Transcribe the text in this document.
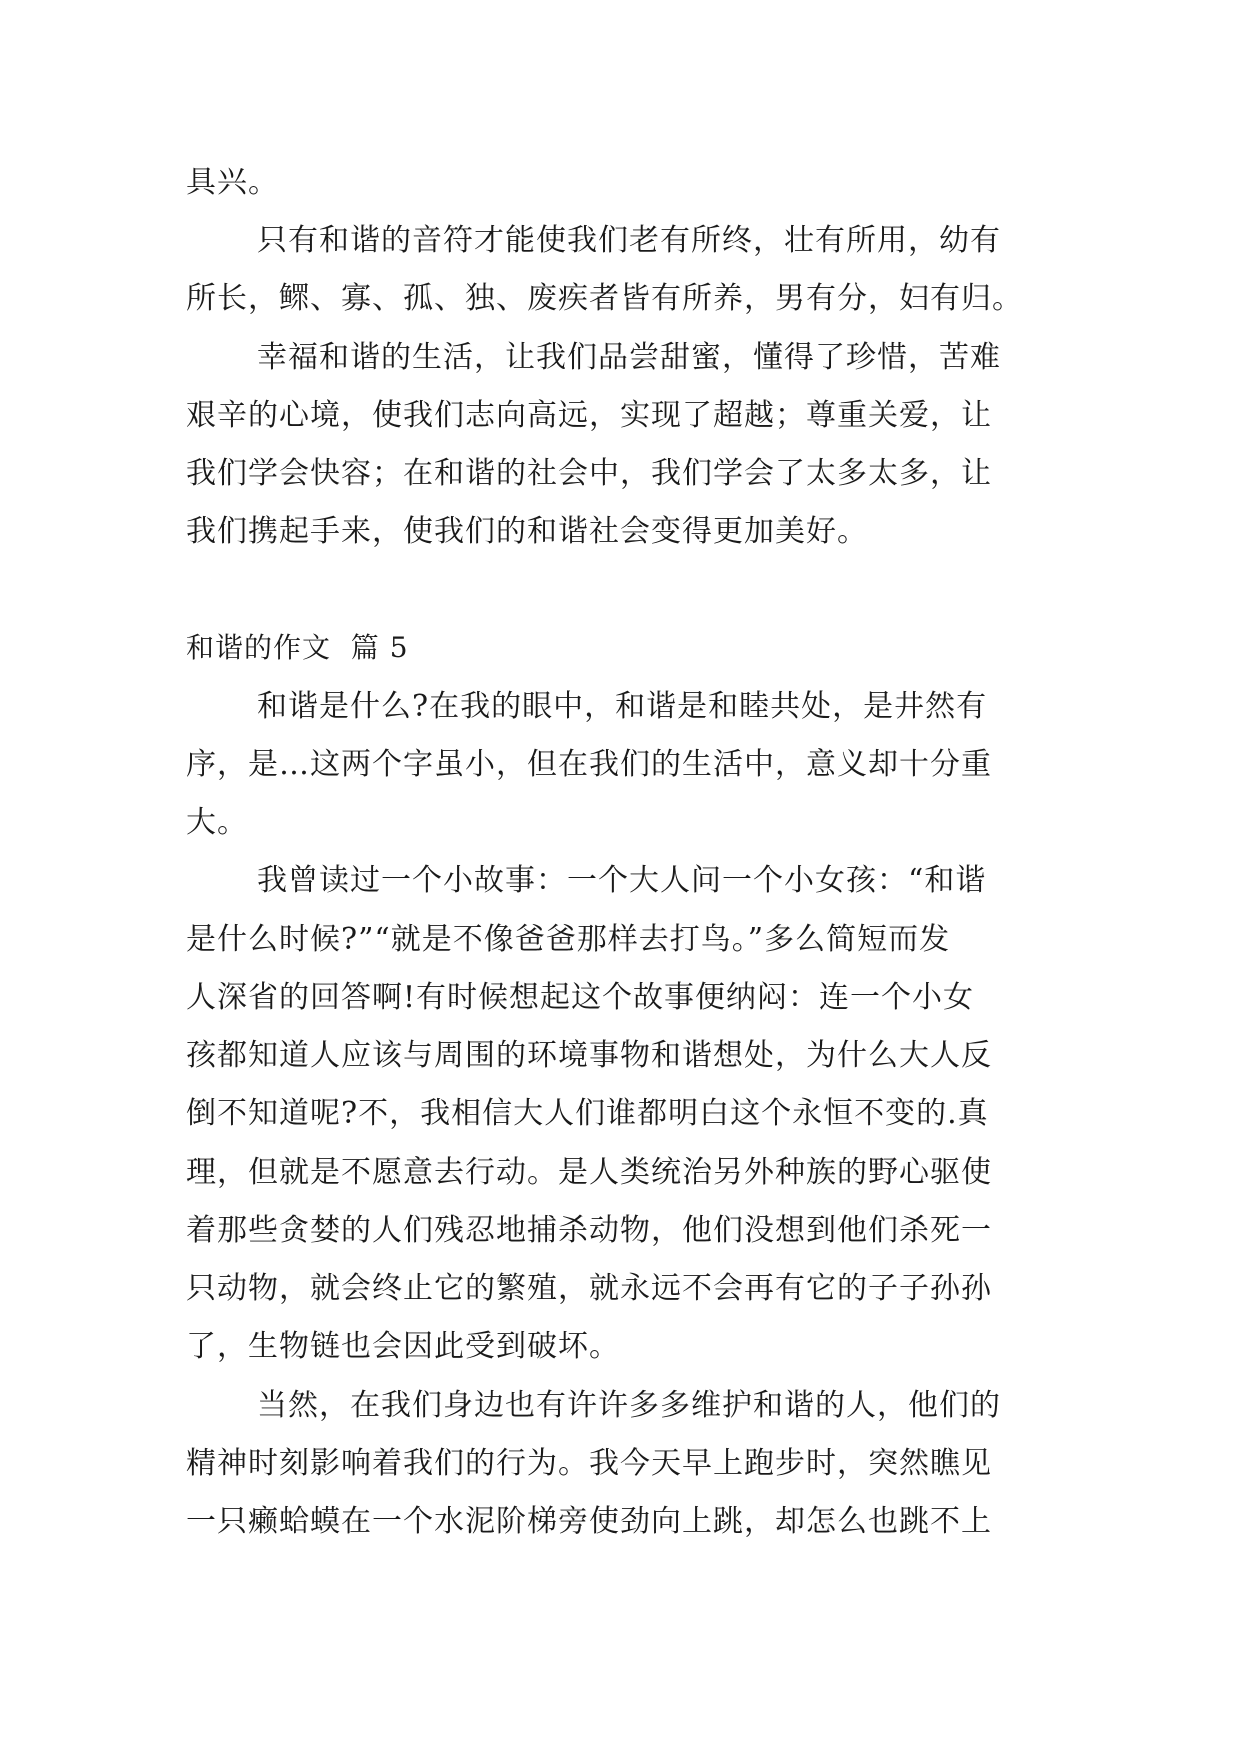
具兴。
只有和谐的音符才能使我们老有所终，壮有所用，幼有
所长，鳏、寡、孤、独、废疾者皆有所养，男有分，妇有归。
幸福和谐的生活，让我们品尝甜蜜，懂得了珍惜，苦难
艰辛的心境，使我们志向高远，实现了超越；尊重关爱，让
我们学会快容；在和谐的社会中，我们学会了太多太多，让
我们携起手来，使我们的和谐社会变得更加美好。
和谐的作文  篇 5
和谐是什么?在我的眼中，和谐是和睦共处，是井然有
序，是…这两个字虽小，但在我们的生活中，意义却十分重
大。
我曾读过一个小故事：一个大人问一个小女孩：“和谐
是什么时候?”“就是不像爸爸那样去打鸟。”多么简短而发
人深省的回答啊!有时候想起这个故事便纳闷：连一个小女
孩都知道人应该与周围的环境事物和谐想处，为什么大人反
倒不知道呢?不，我相信大人们谁都明白这个永恒不变的.真
理，但就是不愿意去行动。是人类统治另外种族的野心驱使
着那些贪婪的人们残忍地捕杀动物，他们没想到他们杀死一
只动物，就会终止它的繁殖，就永远不会再有它的子子孙孙
了，生物链也会因此受到破坏。
当然，在我们身边也有许许多多维护和谐的人，他们的
精神时刻影响着我们的行为。我今天早上跑步时，突然瞧见
一只癞蛤蟆在一个水泥阶梯旁使劲向上跳，却怎么也跳不上
